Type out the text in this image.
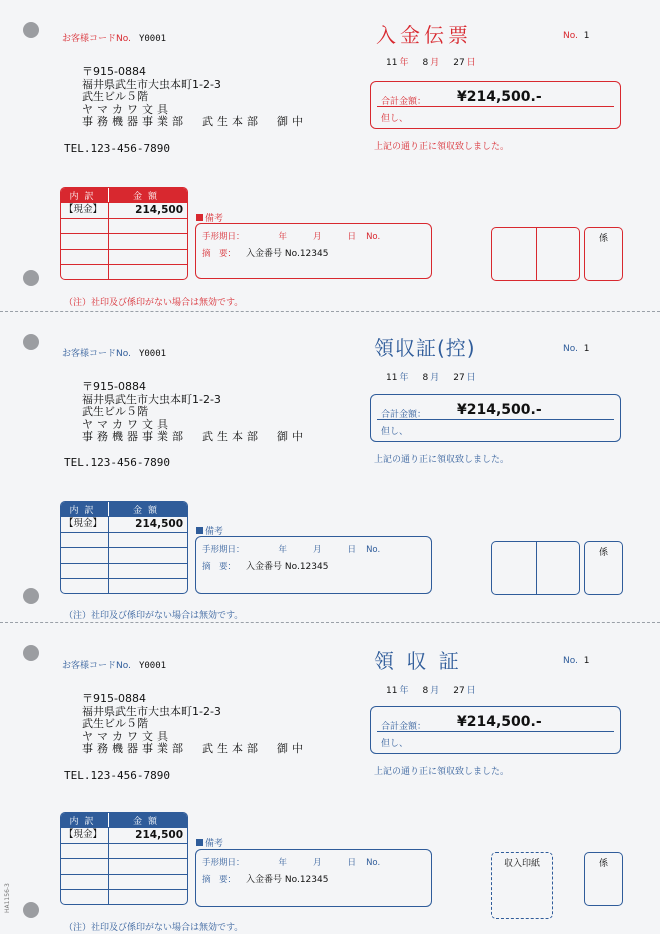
お客様コードNo. Y0001	入金伝票	No. 1
11 年 8 月 27 日
〒915-0884
福井県武生市大虫本町1-2-3
武生ビル５階
ヤマカワ文具
事務機器事業部　武生本部　御中
TEL.123-456-7890
合計金額： ¥214,500.-
但し、
上記の通り正に領収致しました。
内訳	金額
【現金】	214,500
備考
手形期日：	年	月	日 No.
摘　要： 入金番号 No.12345
係
（注）社印及び係印がない場合は無効です。
お客様コードNo. Y0001	領収証(控)	No. 1
11 年 8 月 27 日
〒915-0884
福井県武生市大虫本町1-2-3
武生ビル５階
ヤマカワ文具
事務機器事業部　武生本部　御中
TEL.123-456-7890
合計金額： ¥214,500.-
但し、
上記の通り正に領収致しました。
内訳	金額
【現金】	214,500
備考
手形期日：	年	月	日 No.
摘　要： 入金番号 No.12345
係
（注）社印及び係印がない場合は無効です。
お客様コードNo. Y0001	領 収 証	No. 1
11 年 8 月 27 日
〒915-0884
福井県武生市大虫本町1-2-3
武生ビル５階
ヤマカワ文具
事務機器事業部　武生本部　御中
TEL.123-456-7890
合計金額： ¥214,500.-
但し、
上記の通り正に領収致しました。
内訳	金額
【現金】	214,500
備考
手形期日：	年	月	日 No.
摘　要： 入金番号 No.12345
収入印紙	係
（注）社印及び係印がない場合は無効です。
HA1156-3
